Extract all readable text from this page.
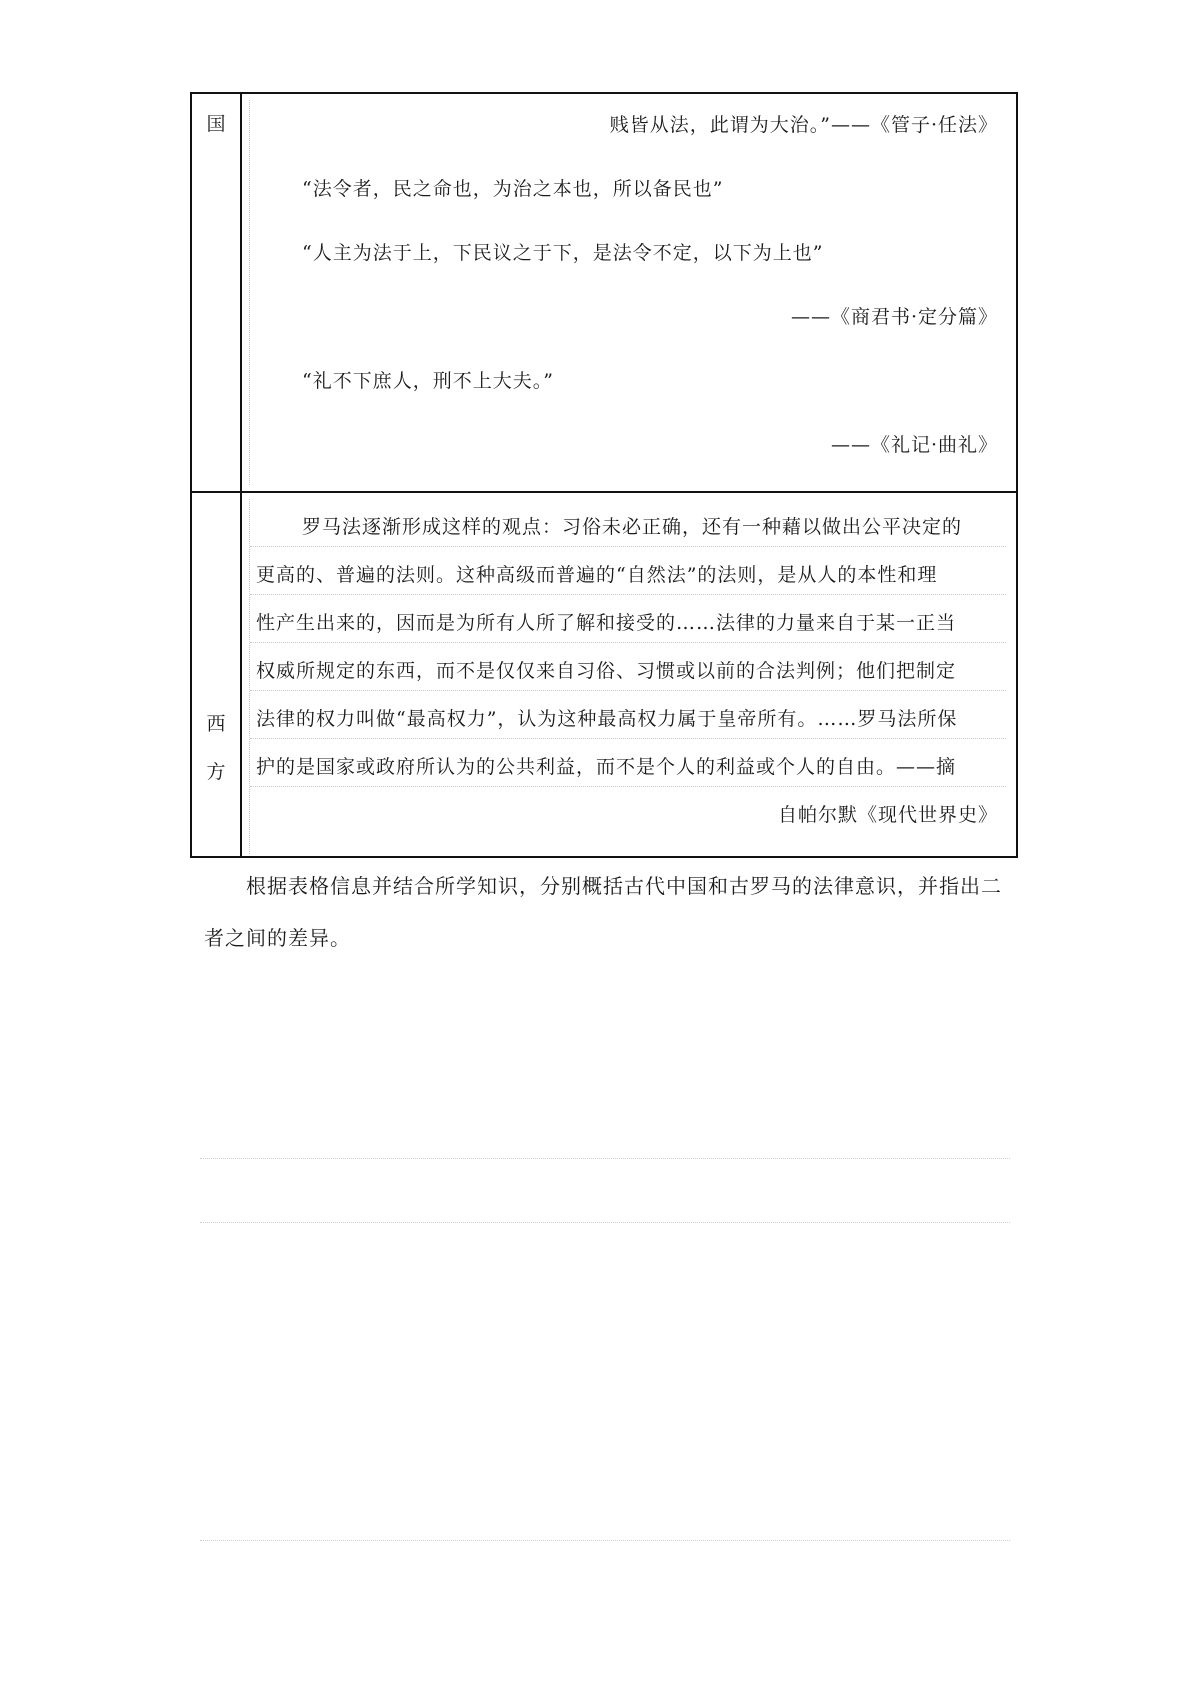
国
西
方
贱皆从法，此谓为大治。”——《管子·任法》
“法令者，民之命也，为治之本也，所以备民也”
“人主为法于上，下民议之于下，是法令不定，以下为上也”
——《商君书·定分篇》
“礼不下庶人，刑不上大夫。”
——《礼记·曲礼》
罗马法逐渐形成这样的观点：习俗未必正确，还有一种藉以做出公平决定的
更高的、普遍的法则。这种高级而普遍的“自然法”的法则，是从人的本性和理
性产生出来的，因而是为所有人所了解和接受的……法律的力量来自于某一正当
权威所规定的东西，而不是仅仅来自习俗、习惯或以前的合法判例；他们把制定
法律的权力叫做“最高权力”，认为这种最高权力属于皇帝所有。……罗马法所保
护的是国家或政府所认为的公共利益，而不是个人的利益或个人的自由。——摘
自帕尔默《现代世界史》
根据表格信息并结合所学知识，分别概括古代中国和古罗马的法律意识，并指出二
者之间的差异。
